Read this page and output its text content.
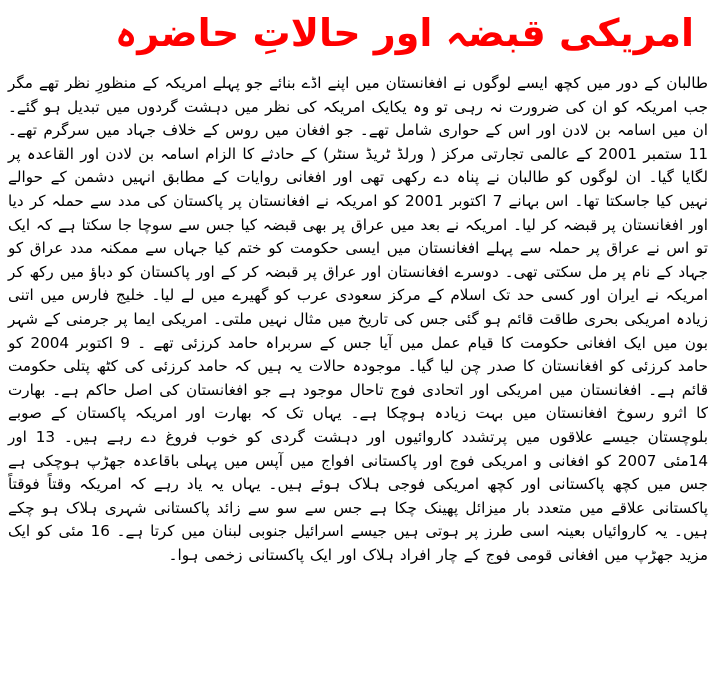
امریکی قبضہ اور حالاتِ حاضرہ

طالبان کے دور میں کچھ ایسے لوگوں نے افغانستان میں اپنے اڈے بنائے جو پہلے امریکہ کے منظورِ نظر تھے مگر جب امریکہ کو ان کی ضرورت نہ رہی تو وہ یکایک امریکہ کی نظر میں دہشت گردوں میں تبدیل ہو گئے۔ ان میں اسامہ بن لادن اور اس کے حواری شامل تھے۔ جو افغان میں روس کے خلاف جہاد میں سرگرم تھے۔ 11 ستمبر 2001 کے عالمی تجارتی مرکز ( ورلڈ ٹریڈ سنٹر) کے حادثے کا الزام اسامہ بن لادن اور القاعدہ پر لگایا گیا۔ ان لوگوں کو طالبان نے پناہ دے رکھی تھی اور افغانی روایات کے مطابق انہیں دشمن کے حوالے نہیں کیا جاسکتا تھا۔ اس بہانے 7 اکتوبر 2001 کو امریکہ نے افغانستان پر پاکستان کی مدد سے حملہ کر دیا اور افغانستان پر قبضہ کر لیا۔ امریکہ نے بعد میں عراق پر بھی قبضہ کیا جس سے سوچا جا سکتا ہے کہ ایک تو اس نے عراق پر حملہ سے پہلے افغانستان میں ایسی حکومت کو ختم کیا جہاں سے ممکنہ مدد عراق کو جہاد کے نام پر مل سکتی تھی۔ دوسرے افغانستان اور عراق پر قبضہ کر کے اور پاکستان کو دباؤ میں رکھ کر امریکہ نے ایران اور کسی حد تک اسلام کے مرکز سعودی عرب کو گھیرے میں لے لیا۔ خلیج فارس میں اتنی زیادہ امریکی بحری طاقت قائم ہو گئی جس کی تاریخ میں مثال نہیں ملتی۔ امریکی ایما پر جرمنی کے شہر بون میں ایک افغانی حکومت کا قیام عمل میں آیا جس کے سربراہ حامد کرزئی تھے ۔ 9 اکتوبر 2004 کو حامد کرزئی کو افغانستان کا صدر چن لیا گیا۔ موجودہ حالات یہ ہیں کہ حامد کرزئی کی کٹھ پتلی حکومت قائم ہے۔ افغانستان میں امریکی اور اتحادی فوج تاحال موجود ہے جو افغانستان کی اصل حاکم ہے۔ بھارت کا اثرو رسوخ افغانستان میں بہت زیادہ ہوچکا ہے۔ یہاں تک کہ بھارت اور امریکہ پاکستان کے صوبے بلوچستان جیسے علاقوں میں پرتشدد کاروائیوں اور دہشت گردی کو خوب فروغ دے رہے ہیں۔ 13 اور 14مئی 2007 کو افغانی و امریکی فوج اور پاکستانی افواج میں آپس میں پہلی باقاعدہ جھڑپ ہوچکی ہے جس میں کچھ پاکستانی اور کچھ امریکی فوجی ہلاک ہوئے ہیں۔ یہاں یہ یاد رہے کہ امریکہ وقتاً فوقتاً پاکستانی علاقے میں متعدد بار میزائل پھینک چکا ہے جس سے سو سے زائد پاکستانی شہری ہلاک ہو چکے ہیں۔ یہ کاروائیاں بعینہ اسی طرز پر ہوتی ہیں جیسے اسرائیل جنوبی لبنان میں کرتا ہے۔ 16 مئی کو ایک مزید جھڑپ میں افغانی قومی فوج کے چار افراد ہلاک اور ایک پاکستانی زخمی ہوا۔
